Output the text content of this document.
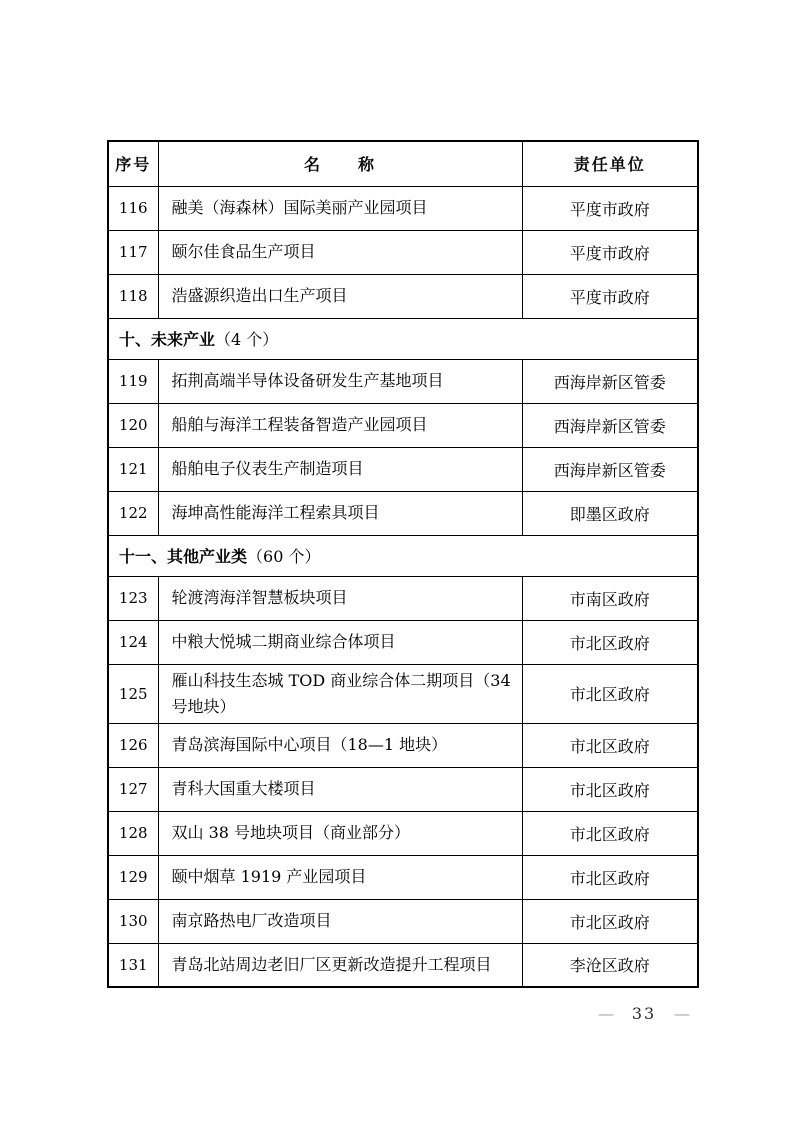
序号	名　　称	责任单位
116	融美（海森林）国际美丽产业园项目	平度市政府
117	颐尔佳食品生产项目	平度市政府
118	浩盛源织造出口生产项目	平度市政府
十、未来产业（4 个）		
119	拓荆高端半导体设备研发生产基地项目	西海岸新区管委
120	船舶与海洋工程装备智造产业园项目	西海岸新区管委
121	船舶电子仪表生产制造项目	西海岸新区管委
122	海坤高性能海洋工程索具项目	即墨区政府
十一、其他产业类（60 个）		
123	轮渡湾海洋智慧板块项目	市南区政府
124	中粮大悦城二期商业综合体项目	市北区政府
125	雁山科技生态城 TOD 商业综合体二期项目（34 号地块）	市北区政府
126	青岛滨海国际中心项目（18—1 地块）	市北区政府
127	青科大国重大楼项目	市北区政府
128	双山 38 号地块项目（商业部分）	市北区政府
129	颐中烟草 1919 产业园项目	市北区政府
130	南京路热电厂改造项目	市北区政府
131	青岛北站周边老旧厂区更新改造提升工程项目	李沧区政府
— 33 —
